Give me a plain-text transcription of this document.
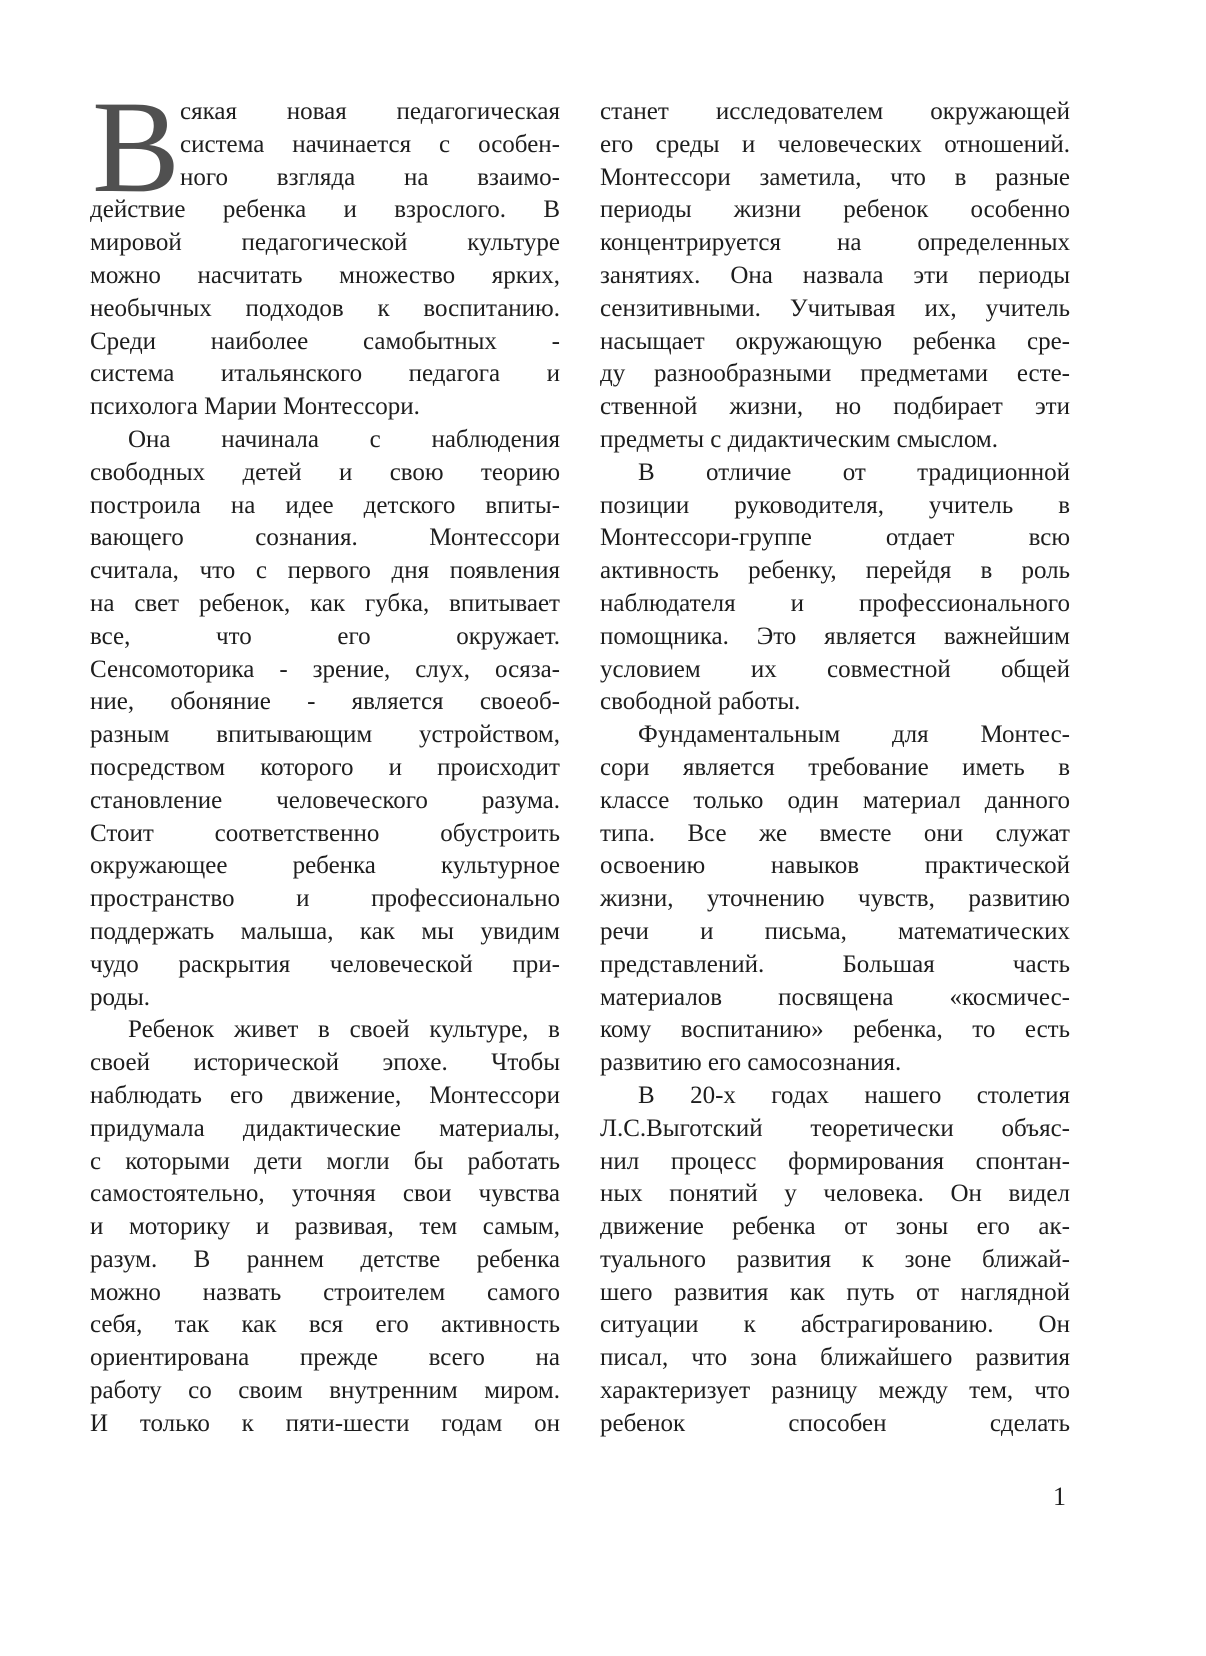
В сякая новая педагогическая
система начинается с особен-
ного взгляда на взаимо-
действие ребенка и взрослого. В
мировой педагогической культуре
можно насчитать множество ярких,
необычных подходов к воспитанию.
Среди наиболее самобытных -
система итальянского педагога и
психолога Марии Монтессори.
Она начинала с наблюдения
свободных детей и свою теорию
построила на идее детского впиты-
вающего сознания. Монтессори
считала, что с первого дня появления
на свет ребенок, как губка, впитывает
все, что его окружает.
Сенсомоторика - зрение, слух, осяза-
ние, обоняние - является своеоб-
разным впитывающим устройством,
посредством которого и происходит
становление человеческого разума.
Стоит соответственно обустроить
окружающее ребенка культурное
пространство и профессионально
поддержать малыша, как мы увидим
чудо раскрытия человеческой при-
роды.
Ребенок живет в своей культуре, в
своей исторической эпохе. Чтобы
наблюдать его движение, Монтессори
придумала дидактические материалы,
с которыми дети могли бы работать
самостоятельно, уточняя свои чувства
и моторику и развивая, тем самым,
разум. В раннем детстве ребенка
можно назвать строителем самого
себя, так как вся его активность
ориентирована прежде всего на
работу со своим внутренним миром.
И только к пяти-шести годам он
станет исследователем окружающей
его среды и человеческих отношений.
Монтессори заметила, что в разные
периоды жизни ребенок особенно
концентрируется на определенных
занятиях. Она назвала эти периоды
сензитивными. Учитывая их, учитель
насыщает окружающую ребенка сре-
ду разнообразными предметами есте-
ственной жизни, но подбирает эти
предметы с дидактическим смыслом.
В отличие от традиционной
позиции руководителя, учитель в
Монтессори-группе отдает всю
активность ребенку, перейдя в роль
наблюдателя и профессионального
помощника. Это является важнейшим
условием их совместной общей
свободной работы.
Фундаментальным для Монтес-
сори является требование иметь в
классе только один материал данного
типа. Все же вместе они служат
освоению навыков практической
жизни, уточнению чувств, развитию
речи и письма, математических
представлений. Большая часть
материалов посвящена «космичес-
кому воспитанию» ребенка, то есть
развитию его самосознания.
В 20-х годах нашего столетия
Л.С.Выготский теоретически объяс-
нил процесс формирования спонтан-
ных понятий у человека. Он видел
движение ребенка от зоны его ак-
туального развития к зоне ближай-
шего развития как путь от наглядной
ситуации к абстрагированию. Он
писал, что зона ближайшего развития
характеризует разницу между тем, что
ребенок способен сделать
1
